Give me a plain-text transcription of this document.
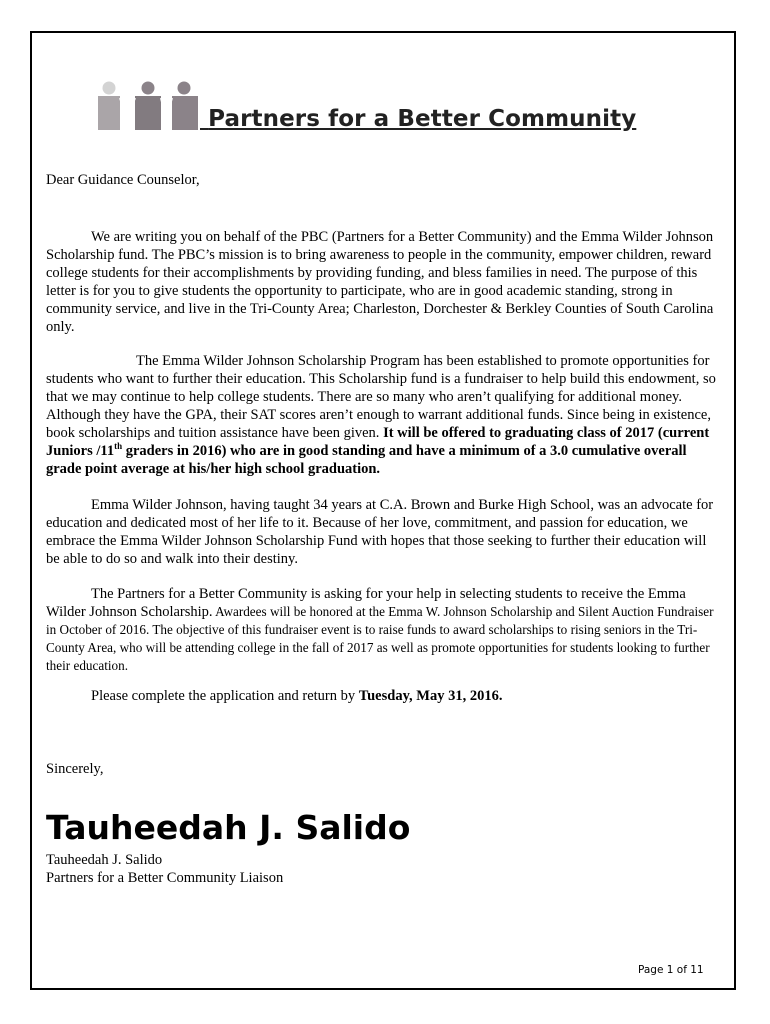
Partners for a Better Community
Dear Guidance Counselor,

We are writing you on behalf of the PBC (Partners for a Better Community) and the Emma Wilder Johnson Scholarship fund. The PBC’s mission is to bring awareness to people in the community, empower children, reward college students for their accomplishments by providing funding, and bless families in need. The purpose of this letter is for you to give students the opportunity to participate, who are in good academic standing, strong in community service, and live in the Tri-County Area; Charleston, Dorchester & Berkley Counties of South Carolina only.

The Emma Wilder Johnson Scholarship Program has been established to promote opportunities for students who want to further their education. This Scholarship fund is a fundraiser to help build this endowment, so that we may continue to help college students. There are so many who aren’t qualifying for additional money. Although they have the GPA, their SAT scores aren’t enough to warrant additional funds. Since being in existence, book scholarships and tuition assistance have been given. It will be offered to graduating class of 2017 (current Juniors /11th graders in 2016) who are in good standing and have a minimum of a 3.0 cumulative overall grade point average at his/her high school graduation.

Emma Wilder Johnson, having taught 34 years at C.A. Brown and Burke High School, was an advocate for education and dedicated most of her life to it. Because of her love, commitment, and passion for education, we embrace the Emma Wilder Johnson Scholarship Fund with hopes that those seeking to further their education will be able to do so and walk into their destiny.

The Partners for a Better Community is asking for your help in selecting students to receive the Emma Wilder Johnson Scholarship. Awardees will be honored at the Emma W. Johnson Scholarship and Silent Auction Fundraiser in October of 2016. The objective of this fundraiser event is to raise funds to award scholarships to rising seniors in the Tri-County Area, who will be attending college in the fall of 2017 as well as promote opportunities for students looking to further their education.

Please complete the application and return by Tuesday, May 31, 2016.

Sincerely,
Tauheedah J. Salido
Tauheedah J. Salido
Partners for a Better Community Liaison
Page 1 of 11
